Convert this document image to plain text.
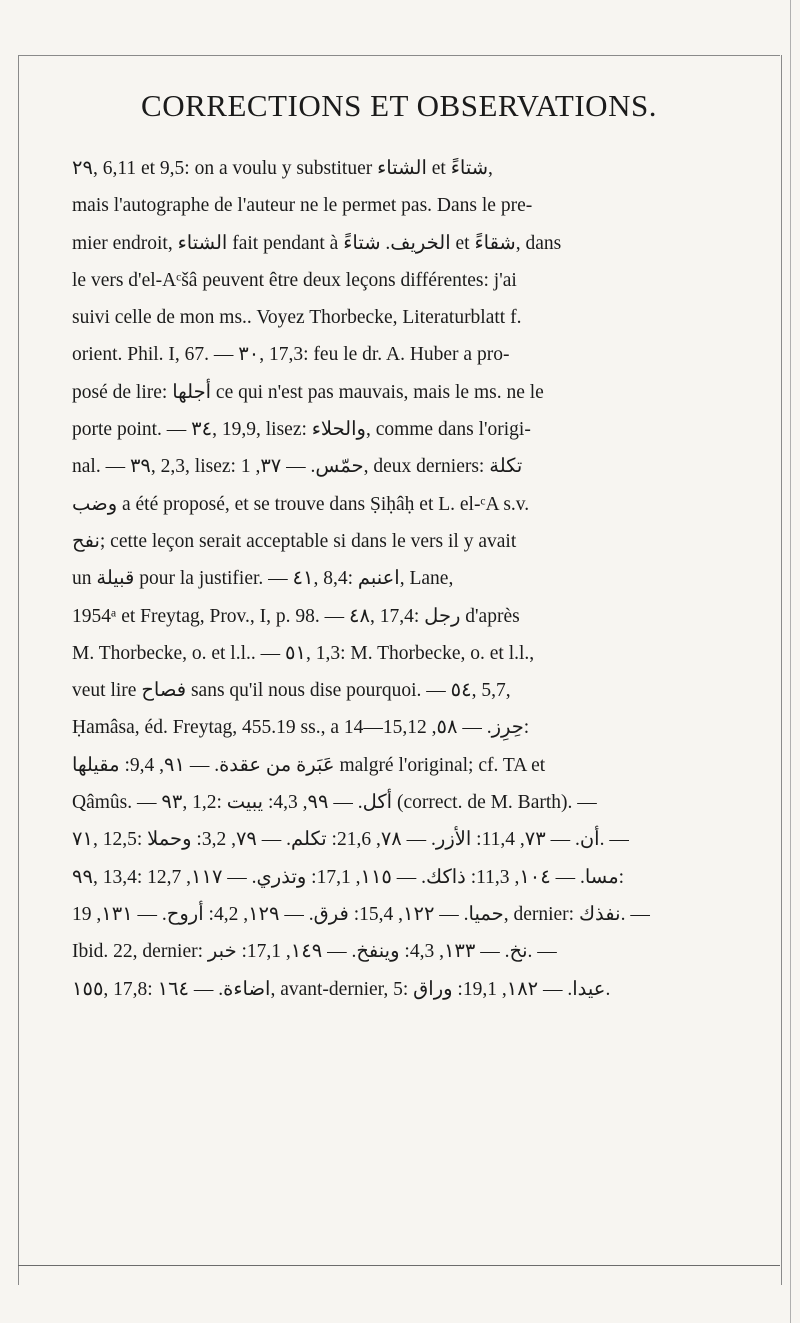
CORRECTIONS ET OBSERVATIONS.

٢٩, 6,11 et 9,5: on a voulu y substituer الشتاء et شتاءً,

mais l'autographe de l'auteur ne le permet pas. Dans le pre-

mier endroit, الشتاء fait pendant à الخريف. شتاءً et شقاءً, dans

le vers d'el-Aᶜšâ peuvent être deux leçons différentes: j'ai

suivi celle de mon ms.. Voyez Thorbecke, Literaturblatt f.

orient. Phil. I, 67. — ٣٠, 17,3: feu le dr. A. Huber a pro-

posé de lire: أجلها ce qui n'est pas mauvais, mais le ms. ne le

porte point. — ٣٤, 19,9, lisez: والحلاء, comme dans l'origi-

nal. — ٣٩, 2,3, lisez: حمّس. — ٣٧, 1, deux derniers: تكلة

وضب a été proposé, et se trouve dans Ṣiḥâḥ et L. el-ᶜA s.v.

نفح; cette leçon serait acceptable si dans le vers il y avait

un قبيلة pour la justifier. — ٤١, 8,4: اعنبم, Lane,

1954ᵃ et Freytag, Prov., I, p. 98. — ٤٨, 17,4: رجل d'après

M. Thorbecke, o. et l.l.. — ٥١, 1,3: M. Thorbecke, o. et l.l.,

veut lire فصاح sans qu'il nous dise pourquoi. — ٥٤, 5,7,

Ḥamâsa, éd. Freytag, 455.19 ss., a حِرِز. — ٥٨, 15,12—14:

عَبَرة من عقدة. — ٩١, 9,4: مقيلها malgré l'original; cf. TA et

Qâmûs. — ٩٣, 1,2: أكل. — ٩٩, 4,3: يبيت (correct. de M. Barth). —

٧١, 12,5: أن. — ٧٣, 11,4: الأزر. — ٧٨, 21,6: تكلم. — ٧٩, 3,2: وحملا. —

٩٩, 13,4: مسا. — ١٠٤, 11,3: ذاكك. — ١١٥, 17,1: وتذري. — ١١٧, 12,7:

حميا. — ١٢٢, 15,4: فرق. — ١٢٩, 4,2: أروح. — ١٣١, 19, dernier: نفذك. —

Ibid. 22, dernier: نخ. — ١٣٣, 4,3: وينفخ. — ١٤٩, 17,1: خبر. —

١٥٥, 17,8: اضاءة. — ١٦٤, avant-dernier, 5: عيدا. — ١٨٢, 19,1: وراق.
